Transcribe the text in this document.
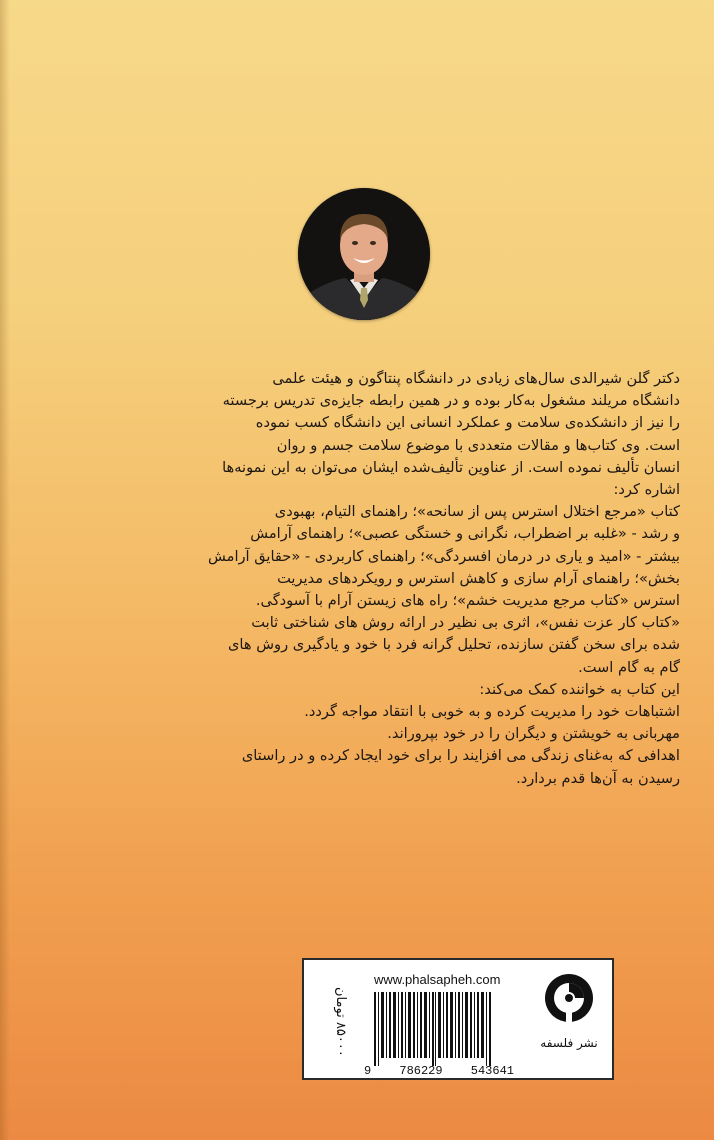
دکتر گلن شیرالدی سال‌های زیادی در دانشگاه پنتاگون و هیئت علمی
دانشگاه مریلند مشغول به‌کار بوده و در همین رابطه جایزه‌ی تدریس برجسته
را نیز از دانشکده‌ی سلامت و عملکرد انسانی این دانشگاه کسب نموده
است. وی کتاب‌ها و مقالات متعددی با موضوع سلامت جسم و روان
انسان تألیف نموده است. از عناوین تألیف‌شده ایشان می‌توان به این نمونه‌ها
اشاره کرد:
کتاب «مرجع اختلال استرس پس از سانحه»؛ راهنمای التیام، بهبودی
و رشد - «غلبه بر اضطراب، نگرانی و خستگی عصبی»؛ راهنمای آرامش
بیشتر - «امید و یاری در درمان افسردگی»؛ راهنمای کاربردی - «حقایق آرامش
بخش»؛ راهنمای آرام سازی و کاهش استرس و رویکردهای مدیریت
استرس «کتاب مرجع مدیریت خشم»؛ راه های زیستن آرام با آسودگی.
«کتاب کار عزت نفس»، اثری بی نظیر در ارائه روش های شناختی ثابت
شده برای سخن گفتن سازنده، تحلیل گرانه فرد با خود و یادگیری روش های
گام به گام است.
این کتاب به خواننده کمک می‌کند:
اشتباهات خود را مدیریت کرده و به خوبی با انتقاد مواجه گردد.
مهربانی به خویشتن و دیگران را در خود بپروراند.
اهدافی که به‌غنای زندگی می افزایند را برای خود ایجاد کرده و در راستای
رسیدن به آن‌ها قدم بردارد.
۸۵۰۰۰ تومان
www.phalsapheh.com
9 786229 543641
نشر فلسفه
